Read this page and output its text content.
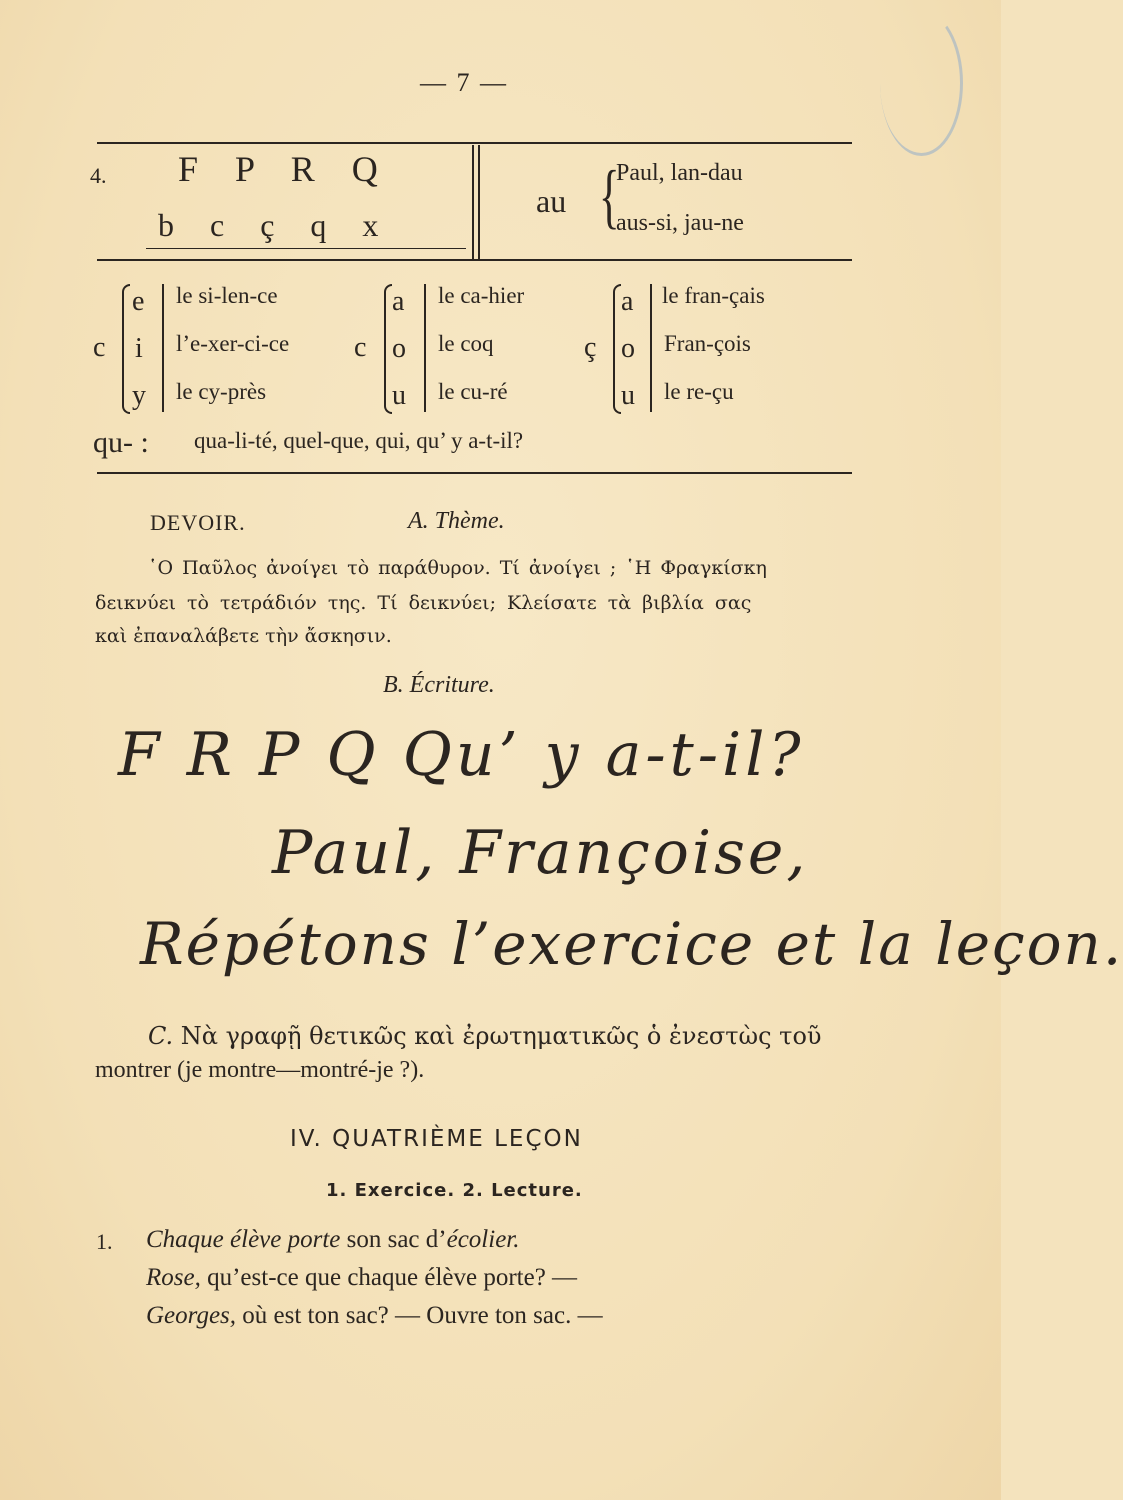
— 7 —
4. F P R Q
b c ç q x
au {
Paul, lan-dau
aus-si, jau-ne
c
e
i
y
le si-len-ce
l’e-xer-ci-ce
le cy-près
c
a
o
u
le ca-hier
le coq
le cu-ré
ç
a
o
u
le fran-çais
Fran-çois
le re-çu
qu- : qua-li-té, quel-que, qui, qu’ y a-t-il?
DEVOIR.	A. Thème.
῾Ο Παῦλος ἀνοίγει τὸ παράθυρον. Τί ἀνοίγει ; ῾Η Φραγκίσκη
δεικνύει τὸ τετράδιόν της. Τί δεικνύει; Κλείσατε τὰ βιβλία σας
καὶ ἐπαναλάβετε τὴν ἄσκησιν.
B. Écriture.
F R P Q Qu’ y a-t-il?
Paul, Françoise,
Répétons l’exercice et la leçon.
C. Νὰ γραφῇ θετικῶς καὶ ἐρωτηματικῶς ὁ ἐνεστὼς τοῦ
montrer (je montre—montré-je ?).
IV. QUATRIÈME LEÇON
1. Exercice. 2. Lecture.
1. Chaque élève porte son sac d’écolier.
Rose, qu’est-ce que chaque élève porte? —
Georges, où est ton sac? — Ouvre ton sac. —
